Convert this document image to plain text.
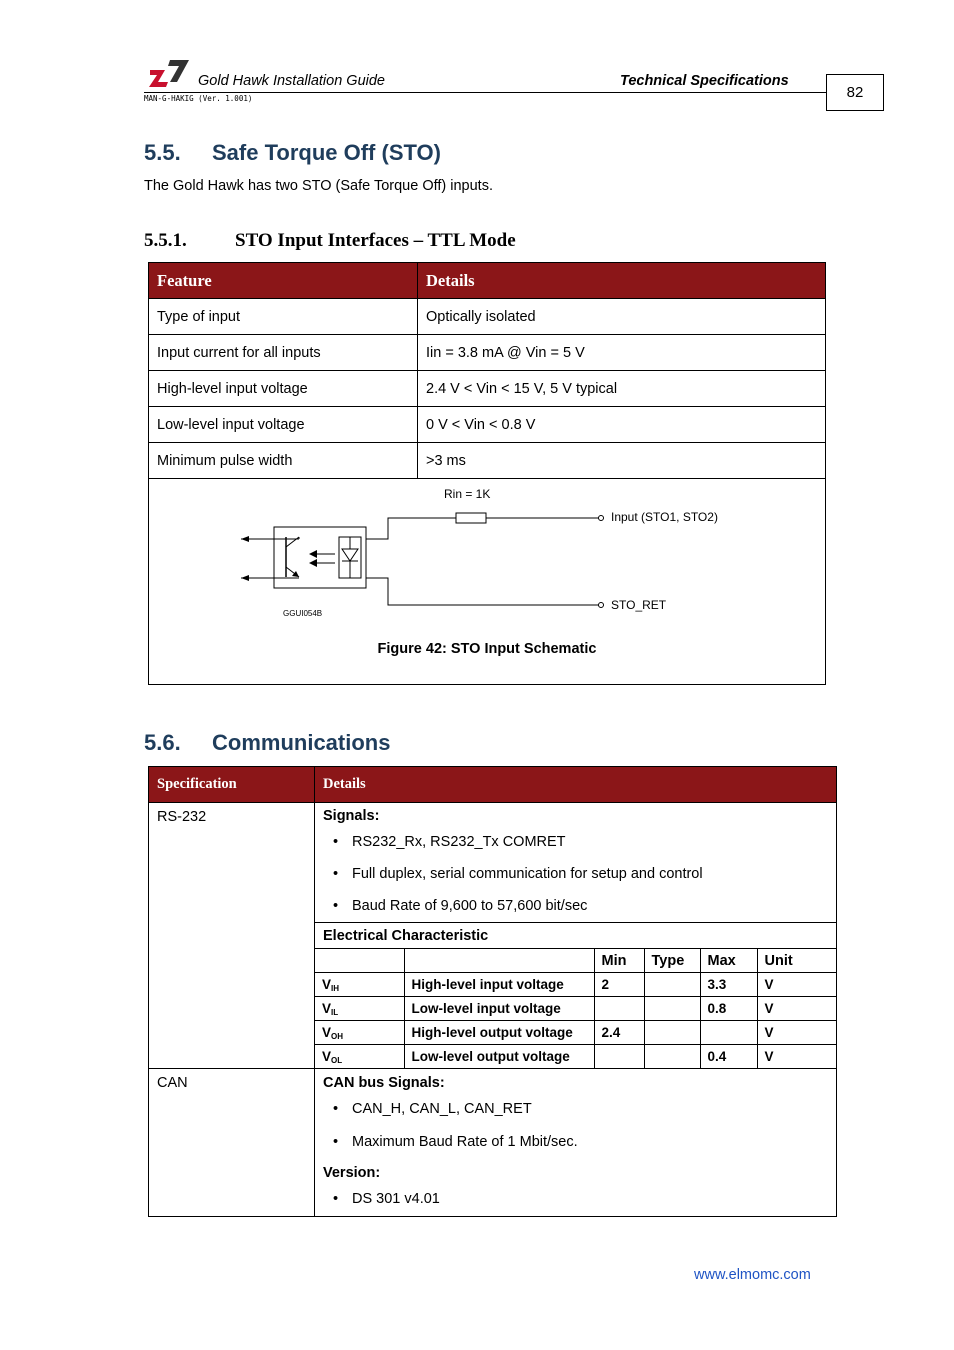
Gold Hawk Installation Guide	Technical Specifications
MAN-G-HAKIG (Ver. 1.001)	82
5.5. Safe Torque Off (STO)
The Gold Hawk has two STO (Safe Torque Off) inputs.
5.5.1.	STO Input Interfaces – TTL Mode
Feature	Details
Type of input	Optically isolated
Input current for all inputs	Iin = 3.8 mA @ Vin = 5 V
High-level input voltage	2.4 V < Vin < 15 V, 5 V typical
Low-level input voltage	0 V < Vin < 0.8 V
Minimum pulse width	>3 ms

Rin = 1K
Input (STO1, STO2)
STO_RET
GGUI054B
Figure 42: STO Input Schematic	
5.6. Communications
Specification	Details
RS-232	Signals:
• RS232_Rx, RS232_Tx COMRET
• Full duplex, serial communication for setup and control
• Baud Rate of 9,600 to 57,600 bit/sec
Electrical Characteristic
		Min	Type	Max	Unit
$V_{IH}$	High-level input voltage	2		3.3	V
$V_{IL}$	Low-level input voltage			0.8	V
$V_{OH}$	High-level output voltage	2.4			V
$V_{OL}$	Low-level output voltage			0.4	V

CAN	CAN bus Signals:
• CAN_H, CAN_L, CAN_RET
• Maximum Baud Rate of 1 Mbit/sec.
Version:
• DS 301 v4.01
www.elmomc.com
